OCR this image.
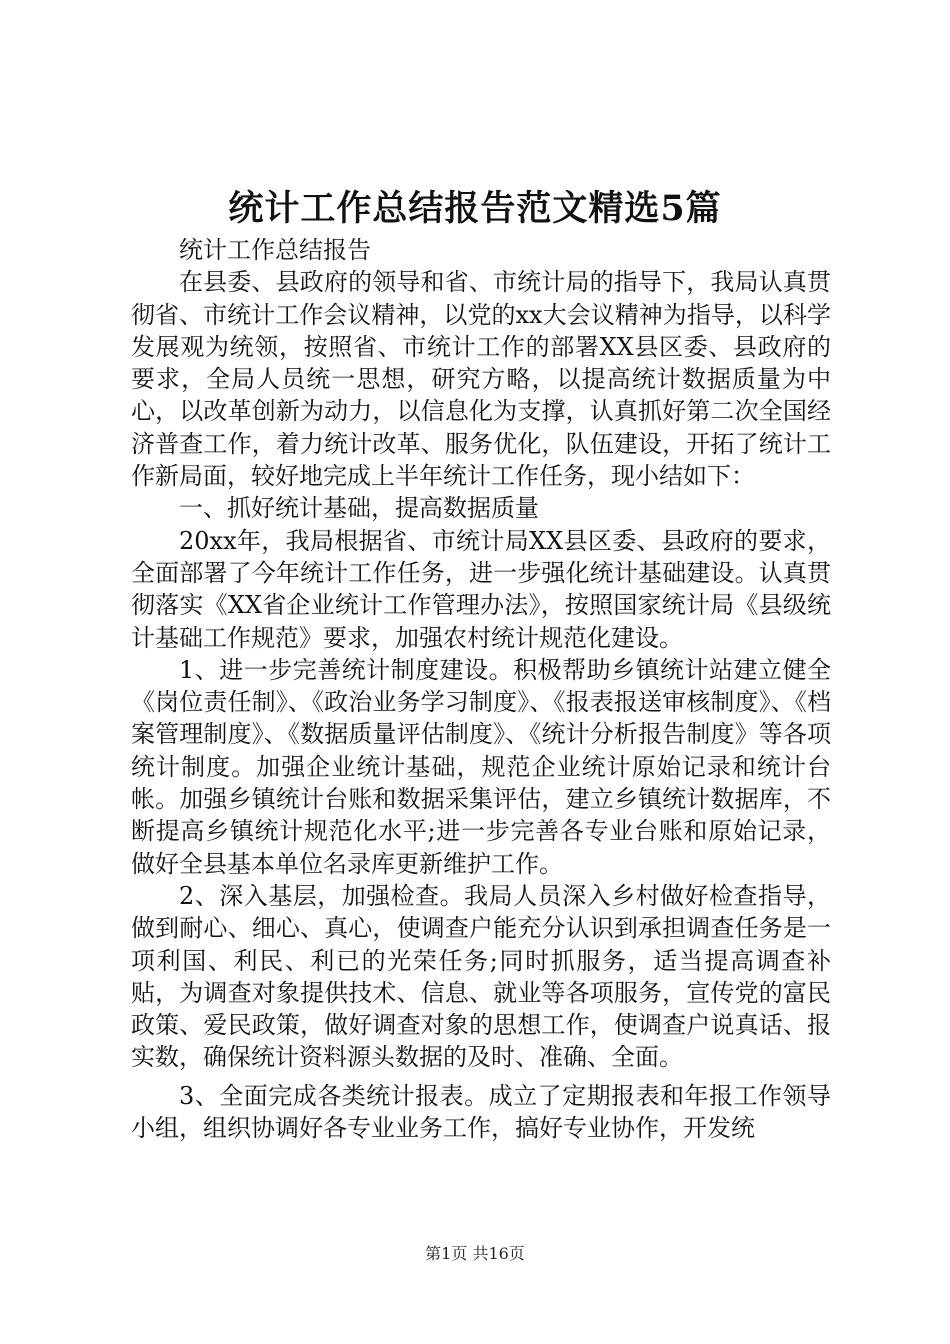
统计工作总结报告范文精选5篇

统计工作总结报告

在县委、县政府的领导和省、市统计局的指导下，我局认真贯彻省、市统计工作会议精神，以党的xx大会议精神为指导，以科学发展观为统领，按照省、市统计工作的部署XX县区委、县政府的要求，全局人员统一思想，研究方略，以提高统计数据质量为中心，以改革创新为动力，以信息化为支撑，认真抓好第二次全国经济普查工作，着力统计改革、服务优化，队伍建设，开拓了统计工作新局面，较好地完成上半年统计工作任务，现小结如下：

一、抓好统计基础，提高数据质量

20xx年，我局根据省、市统计局XX县区委、县政府的要求，全面部署了今年统计工作任务，进一步强化统计基础建设。认真贯彻落实《XX省企业统计工作管理办法》，按照国家统计局《县级统计基础工作规范》要求，加强农村统计规范化建设。

1、进一步完善统计制度建设。积极帮助乡镇统计站建立健全《岗位责任制》、《政治业务学习制度》、《报表报送审核制度》、《档案管理制度》、《数据质量评估制度》、《统计分析报告制度》等各项统计制度。加强企业统计基础，规范企业统计原始记录和统计台帐。加强乡镇统计台账和数据采集评估，建立乡镇统计数据库，不断提高乡镇统计规范化水平;进一步完善各专业台账和原始记录，做好全县基本单位名录库更新维护工作。

2、深入基层，加强检查。我局人员深入乡村做好检查指导，做到耐心、细心、真心，使调查户能充分认识到承担调查任务是一项利国、利民、利已的光荣任务;同时抓服务，适当提高调查补贴，为调查对象提供技术、信息、就业等各项服务，宣传党的富民政策、爱民政策，做好调查对象的思想工作，使调查户说真话、报实数，确保统计资料源头数据的及时、准确、全面。

3、全面完成各类统计报表。成立了定期报表和年报工作领导小组，组织协调好各专业业务工作，搞好专业协作，开发统

第1页 共16页
